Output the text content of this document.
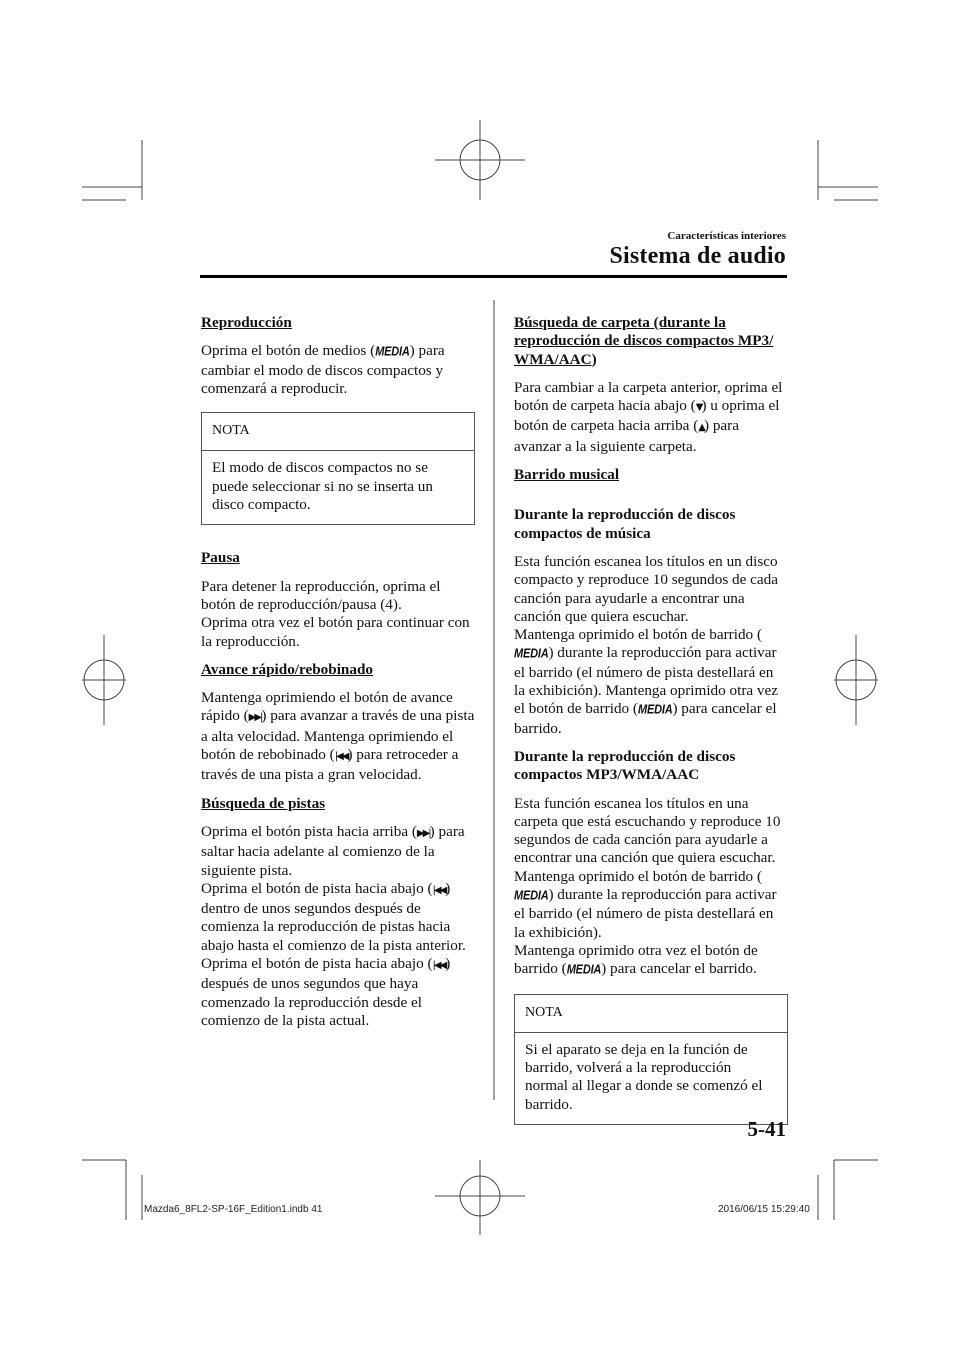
Características interiores
Sistema de audio
Reproducción
Oprima el botón de medios (MEDIA) para cambiar el modo de discos compactos y comenzará a reproducir.
NOTA
El modo de discos compactos no se puede seleccionar si no se inserta un disco compacto.
Pausa
Para detener la reproducción, oprima el botón de reproducción/pausa (4).
Oprima otra vez el botón para continuar con la reproducción.
Avance rápido/rebobinado
Mantenga oprimiendo el botón de avance rápido (▶▶|) para avanzar a través de una pista a alta velocidad. Mantenga oprimiendo el botón de rebobinado (|◀◀) para retroceder a través de una pista a gran velocidad.
Búsqueda de pistas
Oprima el botón pista hacia arriba (▶▶|) para saltar hacia adelante al comienzo de la siguiente pista.
Oprima el botón de pista hacia abajo (|◀◀) dentro de unos segundos después de comienza la reproducción de pistas hacia abajo hasta el comienzo de la pista anterior.
Oprima el botón de pista hacia abajo (|◀◀) después de unos segundos que haya comenzado la reproducción desde el comienzo de la pista actual.
Búsqueda de carpeta (durante la reproducción de discos compactos MP3/ WMA/AAC)
Para cambiar a la carpeta anterior, oprima el botón de carpeta hacia abajo (▼) u oprima el botón de carpeta hacia arriba (▲) para avanzar a la siguiente carpeta.
Barrido musical
Durante la reproducción de discos compactos de música
Esta función escanea los títulos en un disco compacto y reproduce 10 segundos de cada canción para ayudarle a encontrar una canción que quiera escuchar.
Mantenga oprimido el botón de barrido (MEDIA) durante la reproducción para activar el barrido (el número de pista destellará en la exhibición). Mantenga oprimido otra vez el botón de barrido (MEDIA) para cancelar el barrido.
Durante la reproducción de discos compactos MP3/WMA/AAC
Esta función escanea los títulos en una carpeta que está escuchando y reproduce 10 segundos de cada canción para ayudarle a encontrar una canción que quiera escuchar. Mantenga oprimido el botón de barrido (MEDIA) durante la reproducción para activar el barrido (el número de pista destellará en la exhibición).
Mantenga oprimido otra vez el botón de barrido (MEDIA) para cancelar el barrido.
NOTA
Si el aparato se deja en la función de barrido, volverá a la reproducción normal al llegar a donde se comenzó el barrido.
5-41
Mazda6_8FL2-SP-16F_Edition1.indb 41	2016/06/15 15:29:40
